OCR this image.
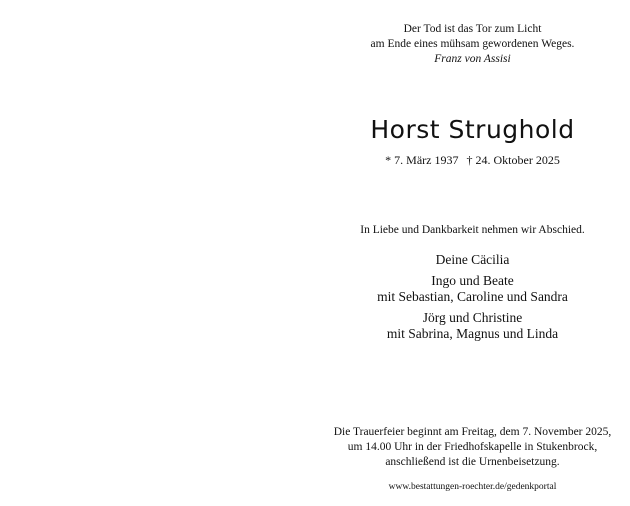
Der Tod ist das Tor zum Licht
am Ende eines mühsam gewordenen Weges.
Franz von Assisi
Horst Strughold
* 7. März 1937 † 24. Oktober 2025
In Liebe und Dankbarkeit nehmen wir Abschied.
Deine Cäcilia
Ingo und Beate
mit Sebastian, Caroline und Sandra
Jörg und Christine
mit Sabrina, Magnus und Linda
Die Trauerfeier beginnt am Freitag, dem 7. November 2025,
um 14.00 Uhr in der Friedhofskapelle in Stukenbrock,
anschließend ist die Urnenbeisetzung.
www.bestattungen-roechter.de/gedenkportal
